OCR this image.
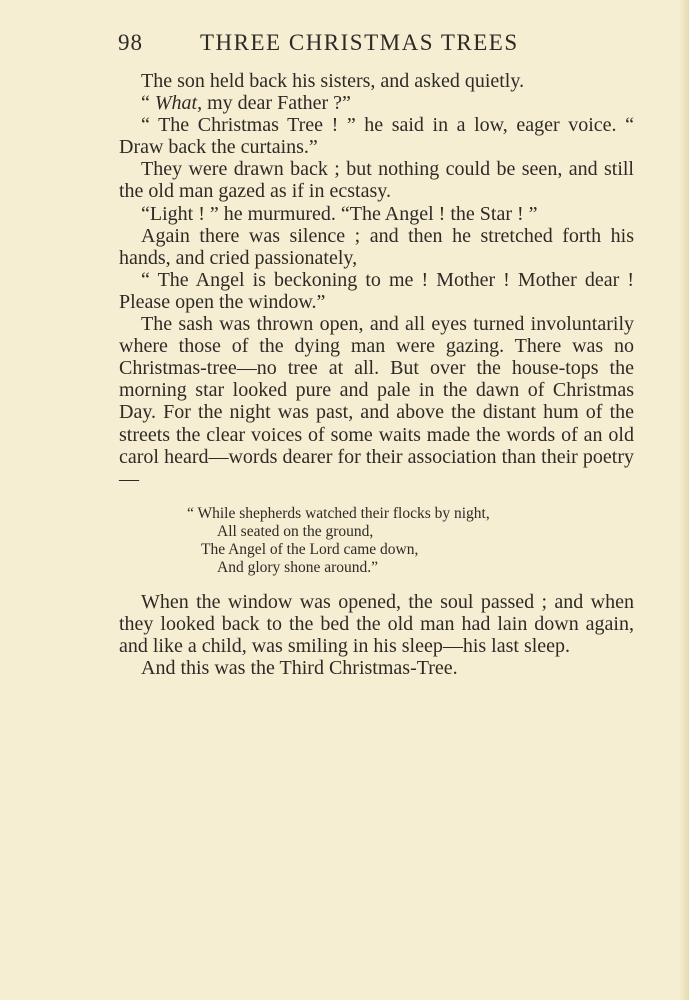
98 THREE CHRISTMAS TREES

The son held back his sisters, and asked quietly.

“ What, my dear Father ?”

“ The Christmas Tree ! ” he said in a low, eager voice. “ Draw back the curtains.”

They were drawn back ; but nothing could be seen, and still the old man gazed as if in ecstasy.

“Light ! ” he murmured. “The Angel ! the Star ! ”

Again there was silence ; and then he stretched forth his hands, and cried passionately,

“ The Angel is beckoning to me ! Mother ! Mother dear ! Please open the window.”

The sash was thrown open, and all eyes turned involuntarily where those of the dying man were gazing. There was no Christmas-tree—no tree at all. But over the house-tops the morning star looked pure and pale in the dawn of Christmas Day. For the night was past, and above the distant hum of the streets the clear voices of some waits made the words of an old carol heard—words dearer for their association than their poetry—

“ While shepherds watched their flocks by night,

All seated on the ground,

The Angel of the Lord came down,

And glory shone around.”

When the window was opened, the soul passed ; and when they looked back to the bed the old man had lain down again, and like a child, was smiling in his sleep—his last sleep.

And this was the Third Christmas-Tree.
